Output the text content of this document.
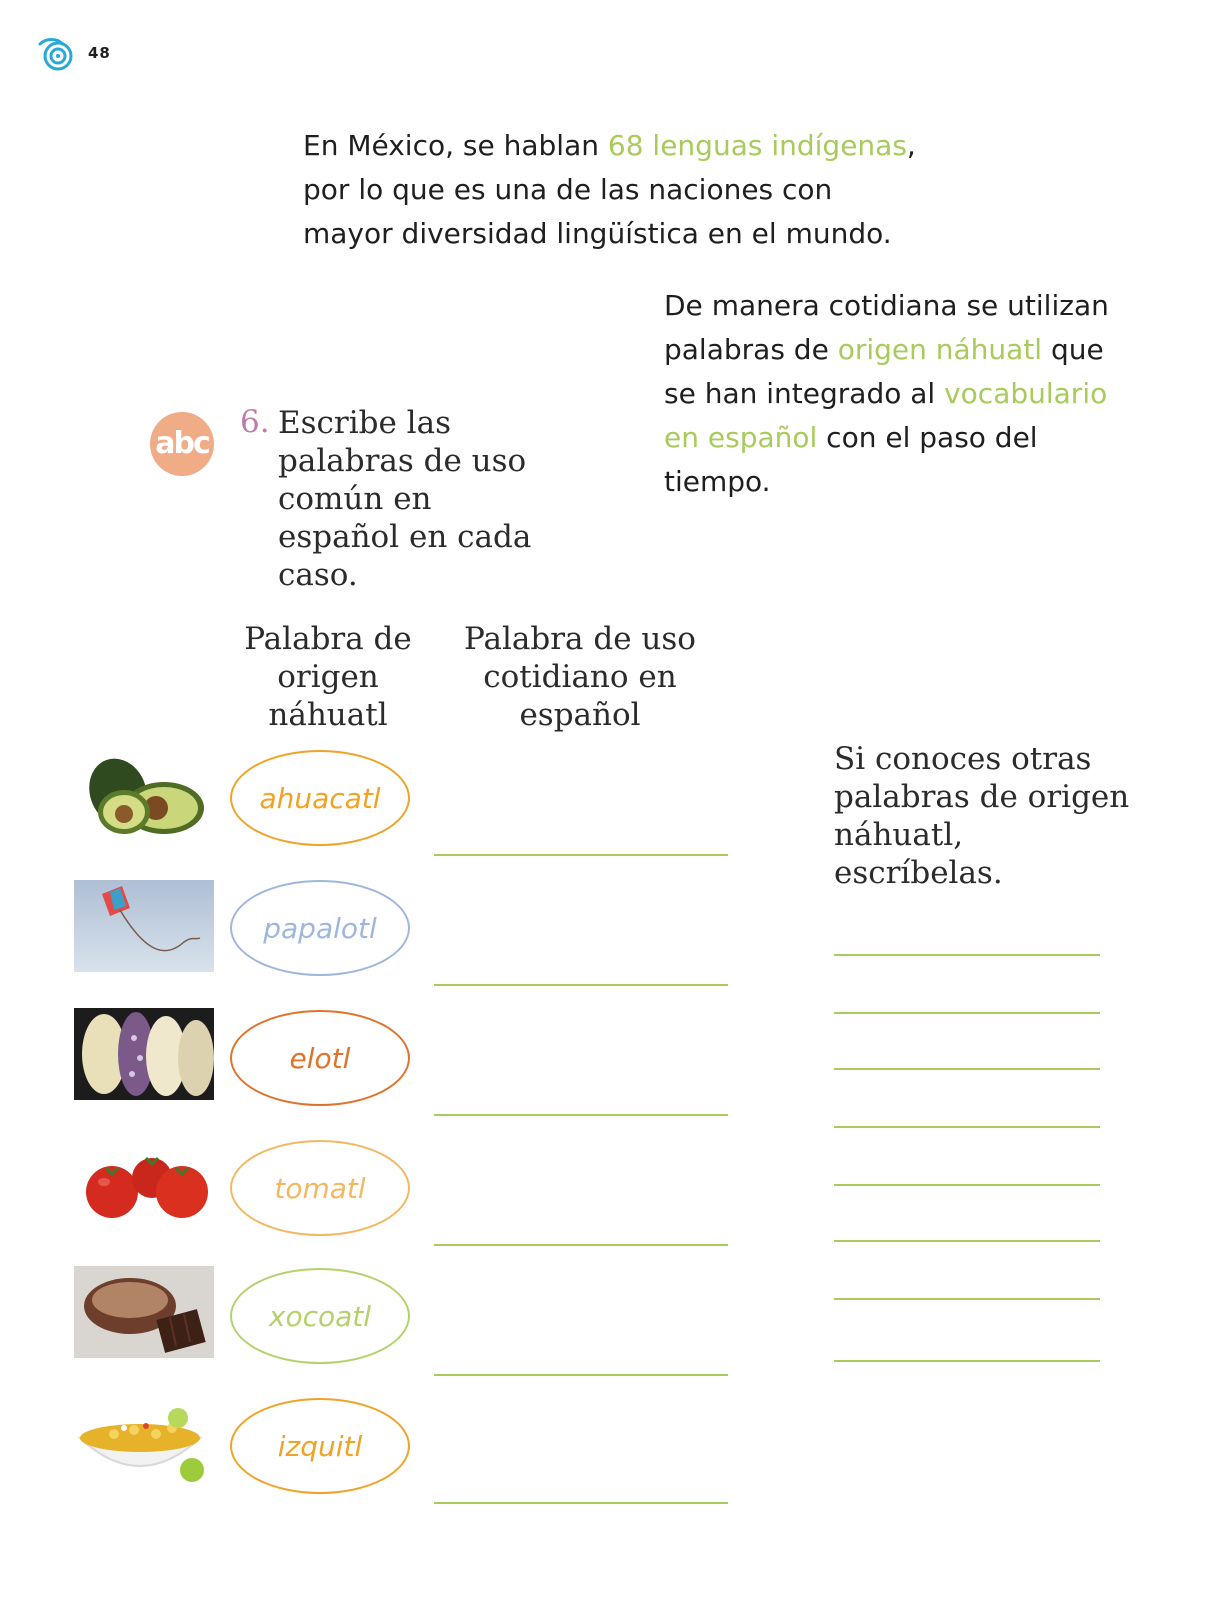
48
En México, se hablan 68 lenguas indígenas,
por lo que es una de las naciones con
mayor diversidad lingüística en el mundo.
De manera cotidiana se utilizan
palabras de origen náhuatl que
se han integrado al vocabulario
en español con el paso del
tiempo.
abc
6. Escribe las palabras de uso común en español en cada caso.
Palabra de origen náhuatl
Palabra de uso cotidiano en español
ahuacatl
papalotl
elotl
tomatl
xocoatl
izquitl
Si conoces otras palabras de origen náhuatl, escríbelas.
